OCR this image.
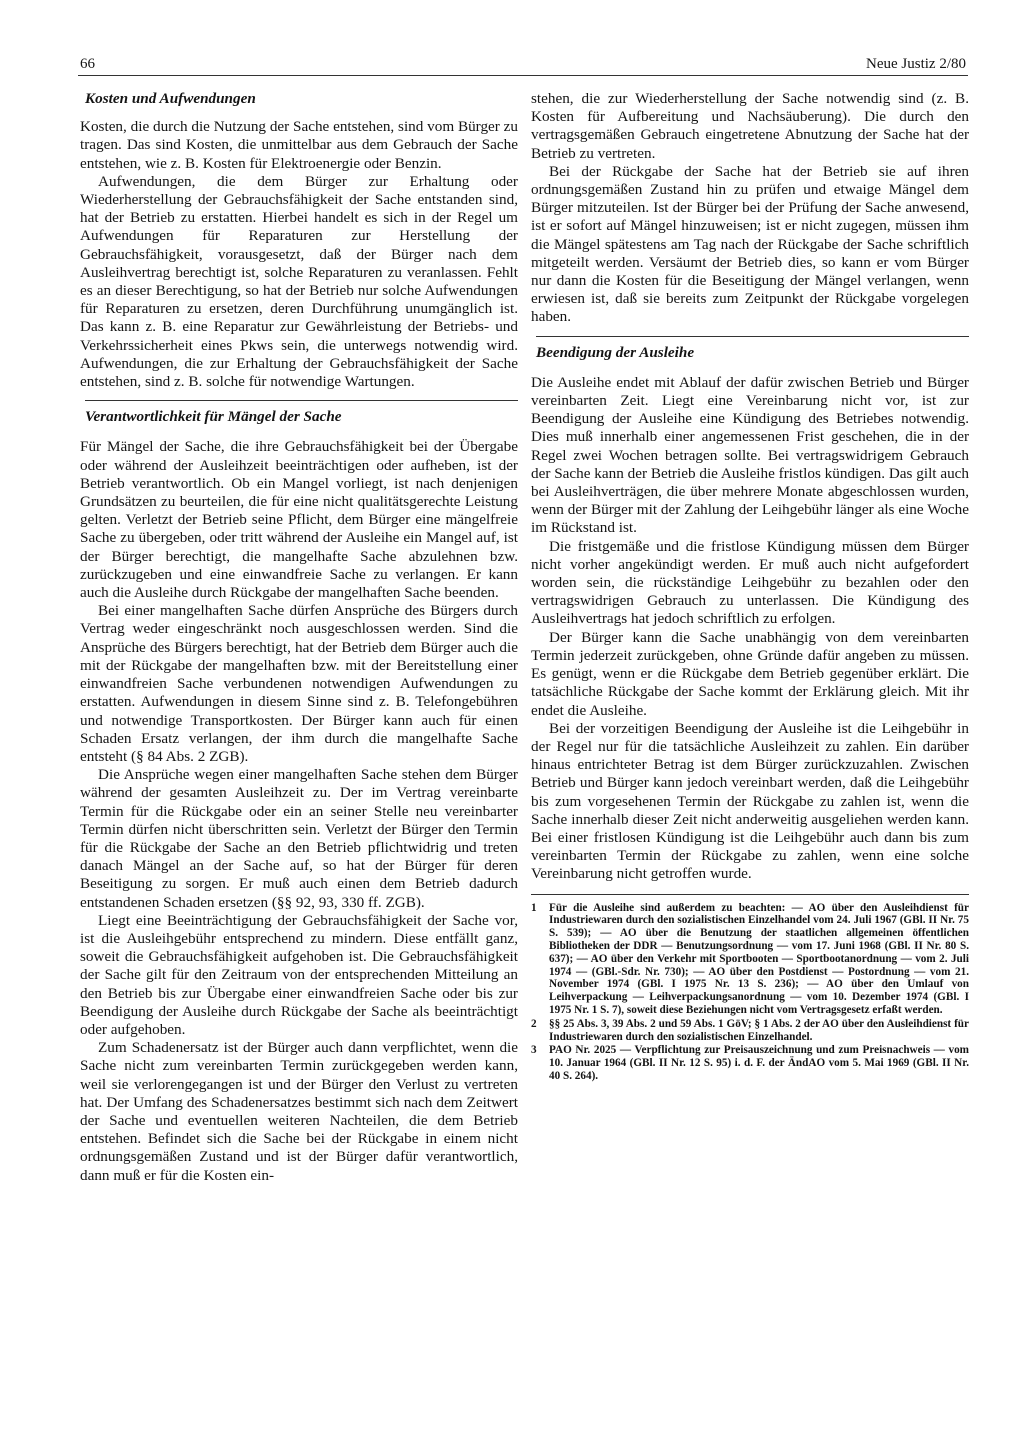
66	Neue Justiz 2/80
Kosten und Aufwendungen

Kosten, die durch die Nutzung der Sache entstehen, sind vom Bürger zu tragen. Das sind Kosten, die unmittelbar aus dem Gebrauch der Sache entstehen, wie z. B. Kosten für Elektroenergie oder Benzin.

Aufwendungen, die dem Bürger zur Erhaltung oder Wiederherstellung der Gebrauchsfähigkeit der Sache entstanden sind, hat der Betrieb zu erstatten. Hierbei handelt es sich in der Regel um Aufwendungen für Reparaturen zur Herstellung der Gebrauchsfähigkeit, vorausgesetzt, daß der Bürger nach dem Ausleihvertrag berechtigt ist, solche Reparaturen zu veranlassen. Fehlt es an dieser Berechtigung, so hat der Betrieb nur solche Aufwendungen für Reparaturen zu ersetzen, deren Durchführung unumgänglich ist. Das kann z. B. eine Reparatur zur Gewährleistung der Betriebs- und Verkehrssicherheit eines Pkws sein, die unterwegs notwendig wird. Aufwendungen, die zur Erhaltung der Gebrauchsfähigkeit der Sache entstehen, sind z. B. solche für notwendige Wartungen.

Verantwortlichkeit für Mängel der Sache

Für Mängel der Sache, die ihre Gebrauchsfähigkeit bei der Übergabe oder während der Ausleihzeit beeinträchtigen oder aufheben, ist der Betrieb verantwortlich. Ob ein Mangel vorliegt, ist nach denjenigen Grundsätzen zu beurteilen, die für eine nicht qualitätsgerechte Leistung gelten. Verletzt der Betrieb seine Pflicht, dem Bürger eine mängelfreie Sache zu übergeben, oder tritt während der Ausleihe ein Mangel auf, ist der Bürger berechtigt, die mangelhafte Sache abzulehnen bzw. zurückzugeben und eine einwandfreie Sache zu verlangen. Er kann auch die Ausleihe durch Rückgabe der mangelhaften Sache beenden.

Bei einer mangelhaften Sache dürfen Ansprüche des Bürgers durch Vertrag weder eingeschränkt noch ausgeschlossen werden. Sind die Ansprüche des Bürgers berechtigt, hat der Betrieb dem Bürger auch die mit der Rückgabe der mangelhaften bzw. mit der Bereitstellung einer einwandfreien Sache verbundenen notwendigen Aufwendungen zu erstatten. Aufwendungen in diesem Sinne sind z. B. Telefongebühren und notwendige Transportkosten. Der Bürger kann auch für einen Schaden Ersatz verlangen, der ihm durch die mangelhafte Sache entsteht (§ 84 Abs. 2 ZGB).

Die Ansprüche wegen einer mangelhaften Sache stehen dem Bürger während der gesamten Ausleihzeit zu. Der im Vertrag vereinbarte Termin für die Rückgabe oder ein an seiner Stelle neu vereinbarter Termin dürfen nicht überschritten sein. Verletzt der Bürger den Termin für die Rückgabe der Sache an den Betrieb pflichtwidrig und treten danach Mängel an der Sache auf, so hat der Bürger für deren Beseitigung zu sorgen. Er muß auch einen dem Betrieb dadurch entstandenen Schaden ersetzen (§§ 92, 93, 330 ff. ZGB).

Liegt eine Beeinträchtigung der Gebrauchsfähigkeit der Sache vor, ist die Ausleihgebühr entsprechend zu mindern. Diese entfällt ganz, soweit die Gebrauchsfähigkeit aufgehoben ist. Die Gebrauchsfähigkeit der Sache gilt für den Zeitraum von der entsprechenden Mitteilung an den Betrieb bis zur Übergabe einer einwandfreien Sache oder bis zur Beendigung der Ausleihe durch Rückgabe der Sache als beeinträchtigt oder aufgehoben.

Zum Schadenersatz ist der Bürger auch dann verpflichtet, wenn die Sache nicht zum vereinbarten Termin zurückgegeben werden kann, weil sie verlorengegangen ist und der Bürger den Verlust zu vertreten hat. Der Umfang des Schadenersatzes bestimmt sich nach dem Zeitwert der Sache und eventuellen weiteren Nachteilen, die dem Betrieb entstehen. Befindet sich die Sache bei der Rückgabe in einem nicht ordnungsgemäßen Zustand und ist der Bürger dafür verantwortlich, dann muß er für die Kosten ein-

stehen, die zur Wiederherstellung der Sache notwendig sind (z. B. Kosten für Aufbereitung und Nachsäuberung). Die durch den vertragsgemäßen Gebrauch eingetretene Abnutzung der Sache hat der Betrieb zu vertreten.

Bei der Rückgabe der Sache hat der Betrieb sie auf ihren ordnungsgemäßen Zustand hin zu prüfen und etwaige Mängel dem Bürger mitzuteilen. Ist der Bürger bei der Prüfung der Sache anwesend, ist er sofort auf Mängel hinzuweisen; ist er nicht zugegen, müssen ihm die Mängel spätestens am Tag nach der Rückgabe der Sache schriftlich mitgeteilt werden. Versäumt der Betrieb dies, so kann er vom Bürger nur dann die Kosten für die Beseitigung der Mängel verlangen, wenn erwiesen ist, daß sie bereits zum Zeitpunkt der Rückgabe vorgelegen haben.

Beendigung der Ausleihe

Die Ausleihe endet mit Ablauf der dafür zwischen Betrieb und Bürger vereinbarten Zeit. Liegt eine Vereinbarung nicht vor, ist zur Beendigung der Ausleihe eine Kündigung des Betriebes notwendig. Dies muß innerhalb einer angemessenen Frist geschehen, die in der Regel zwei Wochen betragen sollte. Bei vertragswidrigem Gebrauch der Sache kann der Betrieb die Ausleihe fristlos kündigen. Das gilt auch bei Ausleihverträgen, die über mehrere Monate abgeschlossen wurden, wenn der Bürger mit der Zahlung der Leihgebühr länger als eine Woche im Rückstand ist.

Die fristgemäße und die fristlose Kündigung müssen dem Bürger nicht vorher angekündigt werden. Er muß auch nicht aufgefordert worden sein, die rückständige Leihgebühr zu bezahlen oder den vertragswidrigen Gebrauch zu unterlassen. Die Kündigung des Ausleihvertrags hat jedoch schriftlich zu erfolgen.

Der Bürger kann die Sache unabhängig von dem vereinbarten Termin jederzeit zurückgeben, ohne Gründe dafür angeben zu müssen. Es genügt, wenn er die Rückgabe dem Betrieb gegenüber erklärt. Die tatsächliche Rückgabe der Sache kommt der Erklärung gleich. Mit ihr endet die Ausleihe.

Bei der vorzeitigen Beendigung der Ausleihe ist die Leihgebühr in der Regel nur für die tatsächliche Ausleihzeit zu zahlen. Ein darüber hinaus entrichteter Betrag ist dem Bürger zurückzuzahlen. Zwischen Betrieb und Bürger kann jedoch vereinbart werden, daß die Leihgebühr bis zum vorgesehenen Termin der Rückgabe zu zahlen ist, wenn die Sache innerhalb dieser Zeit nicht anderweitig ausgeliehen werden kann. Bei einer fristlosen Kündigung ist die Leihgebühr auch dann bis zum vereinbarten Termin der Rückgabe zu zahlen, wenn eine solche Vereinbarung nicht getroffen wurde.

1	Für die Ausleihe sind außerdem zu beachten: — AO über den Ausleihdienst für Industriewaren durch den sozialistischen Einzelhandel vom 24. Juli 1967 (GBl. II Nr. 75 S. 539); — AO über die Benutzung der staatlichen allgemeinen öffentlichen Bibliotheken der DDR — Benutzungsordnung — vom 17. Juni 1968 (GBl. II Nr. 80 S. 637); — AO über den Verkehr mit Sportbooten — Sportbootanordnung — vom 2. Juli 1974 — (GBl.-Sdr. Nr. 730); — AO über den Postdienst — Postordnung — vom 21. November 1974 (GBl. I 1975 Nr. 13 S. 236); — AO über den Umlauf von Leihverpackung — Leihverpackungsanordnung — vom 10. Dezember 1974 (GBl. I 1975 Nr. 1 S. 7), soweit diese Beziehungen nicht vom Vertragsgesetz erfaßt werden.
2	§§ 25 Abs. 3, 39 Abs. 2 und 59 Abs. 1 GöV; § 1 Abs. 2 der AO über den Ausleihdienst für Industriewaren durch den sozialistischen Einzelhandel.
3	PAO Nr. 2025 — Verpflichtung zur Preisauszeichnung und zum Preisnachweis — vom 10. Januar 1964 (GBl. II Nr. 12 S. 95) i. d. F. der ÄndAO vom 5. Mai 1969 (GBl. II Nr. 40 S. 264).
